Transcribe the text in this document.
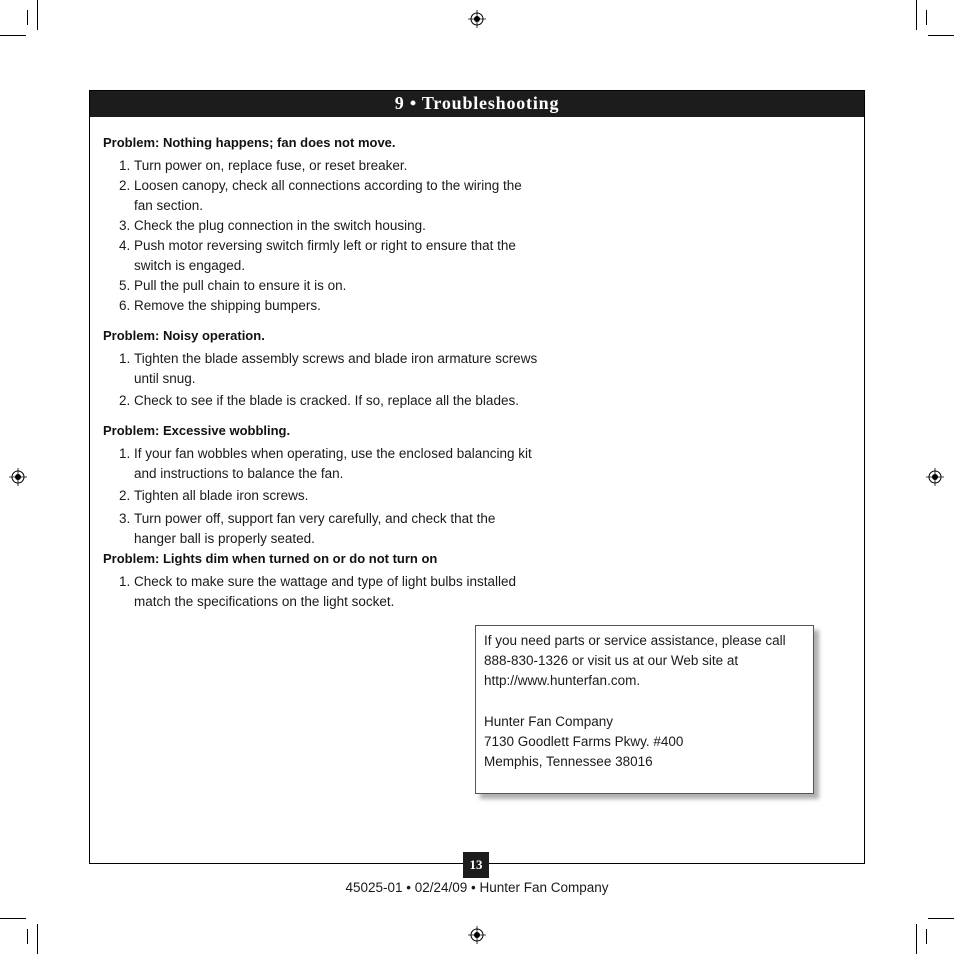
9 • Troubleshooting
Problem: Nothing happens; fan does not move.
1. Turn power on, replace fuse, or reset breaker.
2. Loosen canopy, check all connections according to the wiring the
fan section.
3. Check the plug connection in the switch housing.
4. Push motor reversing switch firmly left or right to ensure that the
switch is engaged.
5. Pull the pull chain to ensure it is on.
6. Remove the shipping bumpers.
Problem: Noisy operation.
1. Tighten the blade assembly screws and blade iron armature screws
until snug.
2. Check to see if the blade is cracked. If so, replace all the blades.
Problem: Excessive wobbling.
1. If your fan wobbles when operating, use the enclosed balancing kit
and instructions to balance the fan.
2. Tighten all blade iron screws.
3. Turn power off, support fan very carefully, and check that the
hanger ball is properly seated.
Problem: Lights dim when turned on or do not turn on
1. Check to make sure the wattage and type of light bulbs installed
match the specifications on the light socket.
If you need parts or service assistance, please call
888-830-1326 or visit us at our Web site at
http://www.hunterfan.com.
Hunter Fan Company
7130 Goodlett Farms Pkwy. #400
Memphis, Tennessee 38016
13
45025-01 • 02/24/09 • Hunter Fan Company
